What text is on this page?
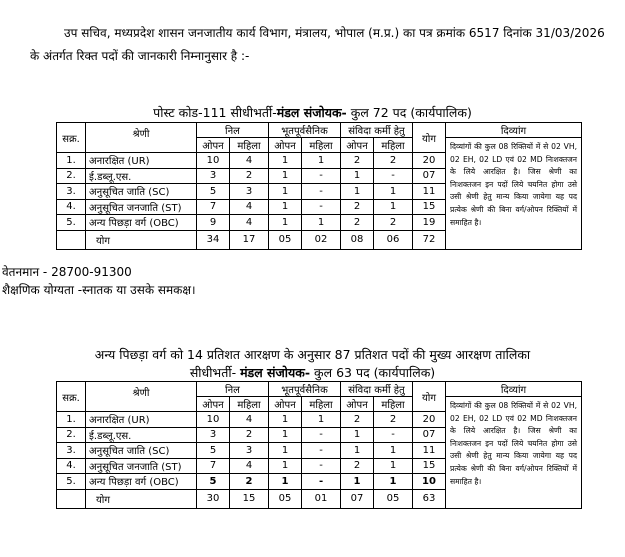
उप सचिव, मध्यप्रदेश शासन जनजातीय कार्य विभाग, मंत्रालय, भोपाल (म.प्र.) का पत्र क्रमांक 6517 दिनांक 31/03/2026 के अंतर्गत रिक्त पदों की जानकारी निम्नानुसार है :-

पोस्ट कोड-111 सीधीभर्ती-मंडल संजोयक- कुल 72 पद (कार्यपालिक)
सक्र.	श्रेणी	निल		भूतपूर्वसैनिक		संविदा कर्मी हेतु		योग	दिव्यांग
		ओपन	महिला	ओपन	महिला	ओपन	महिला		दिव्यांगों की कुल 08 रिक्तियों में से 02 VH, 02 EH, 02 LD एवं 02 MD निःशक्तजन के लिये आरक्षित है। जिस श्रेणी का निःशक्तजन इन पदों लिये चयनित होगा उसे उसी श्रेणी हेतु मान्य किया जायेगा यह पद प्रत्येक श्रेणी की बिना वर्ग/ओपन रिक्तियों में समाहित है।
1.	अनारक्षित (UR)	10	4	1	1	2	2	20	
2.	ई.डब्लू.एस.	3	2	1	-	1	-	07	
3.	अनुसूचित जाति (SC)	5	3	1	-	1	1	11	
4.	अनुसूचित जनजाति (ST)	7	4	1	-	2	1	15	
5.	अन्य पिछड़ा वर्ग (OBC)	9	4	1	1	2	2	19	
	योग	34	17	05	02	08	06	72	

वेतनमान - 28700-91300

शैक्षणिक योग्यता -स्नातक या उसके समकक्ष।

अन्य पिछड़ा वर्ग को 14 प्रतिशत आरक्षण के अनुसार 87 प्रतिशत पदों की मुख्य आरक्षण तालिका
सीधीभर्ती- मंडल संजोयक- कुल 63 पद (कार्यपालिक)
सक्र.	श्रेणी	निल		भूतपूर्वसैनिक		संविदा कर्मी हेतु		योग	दिव्यांग
		ओपन	महिला	ओपन	महिला	ओपन	महिला		दिव्यांगों की कुल 08 रिक्तियों में से 02 VH, 02 EH, 02 LD एवं 02 MD निःशक्तजन के लिये आरक्षित है। जिस श्रेणी का निःशक्तजन इन पदों लिये चयनित होगा उसे उसी श्रेणी हेतु मान्य किया जायेगा यह पद प्रत्येक श्रेणी की बिना वर्ग/ओपन रिक्तियों में समाहित है।
1.	अनारक्षित (UR)	10	4	1	1	2	2	20	
2.	ई.डब्लू.एस.	3	2	1	-	1	-	07	
3.	अनुसूचित जाति (SC)	5	3	1	-	1	1	11	
4.	अनुसूचित जनजाति (ST)	7	4	1	-	2	1	15	
5.	अन्य पिछड़ा वर्ग (OBC)	5	2	1	-	1	1	10	
	योग	30	15	05	01	07	05	63	
